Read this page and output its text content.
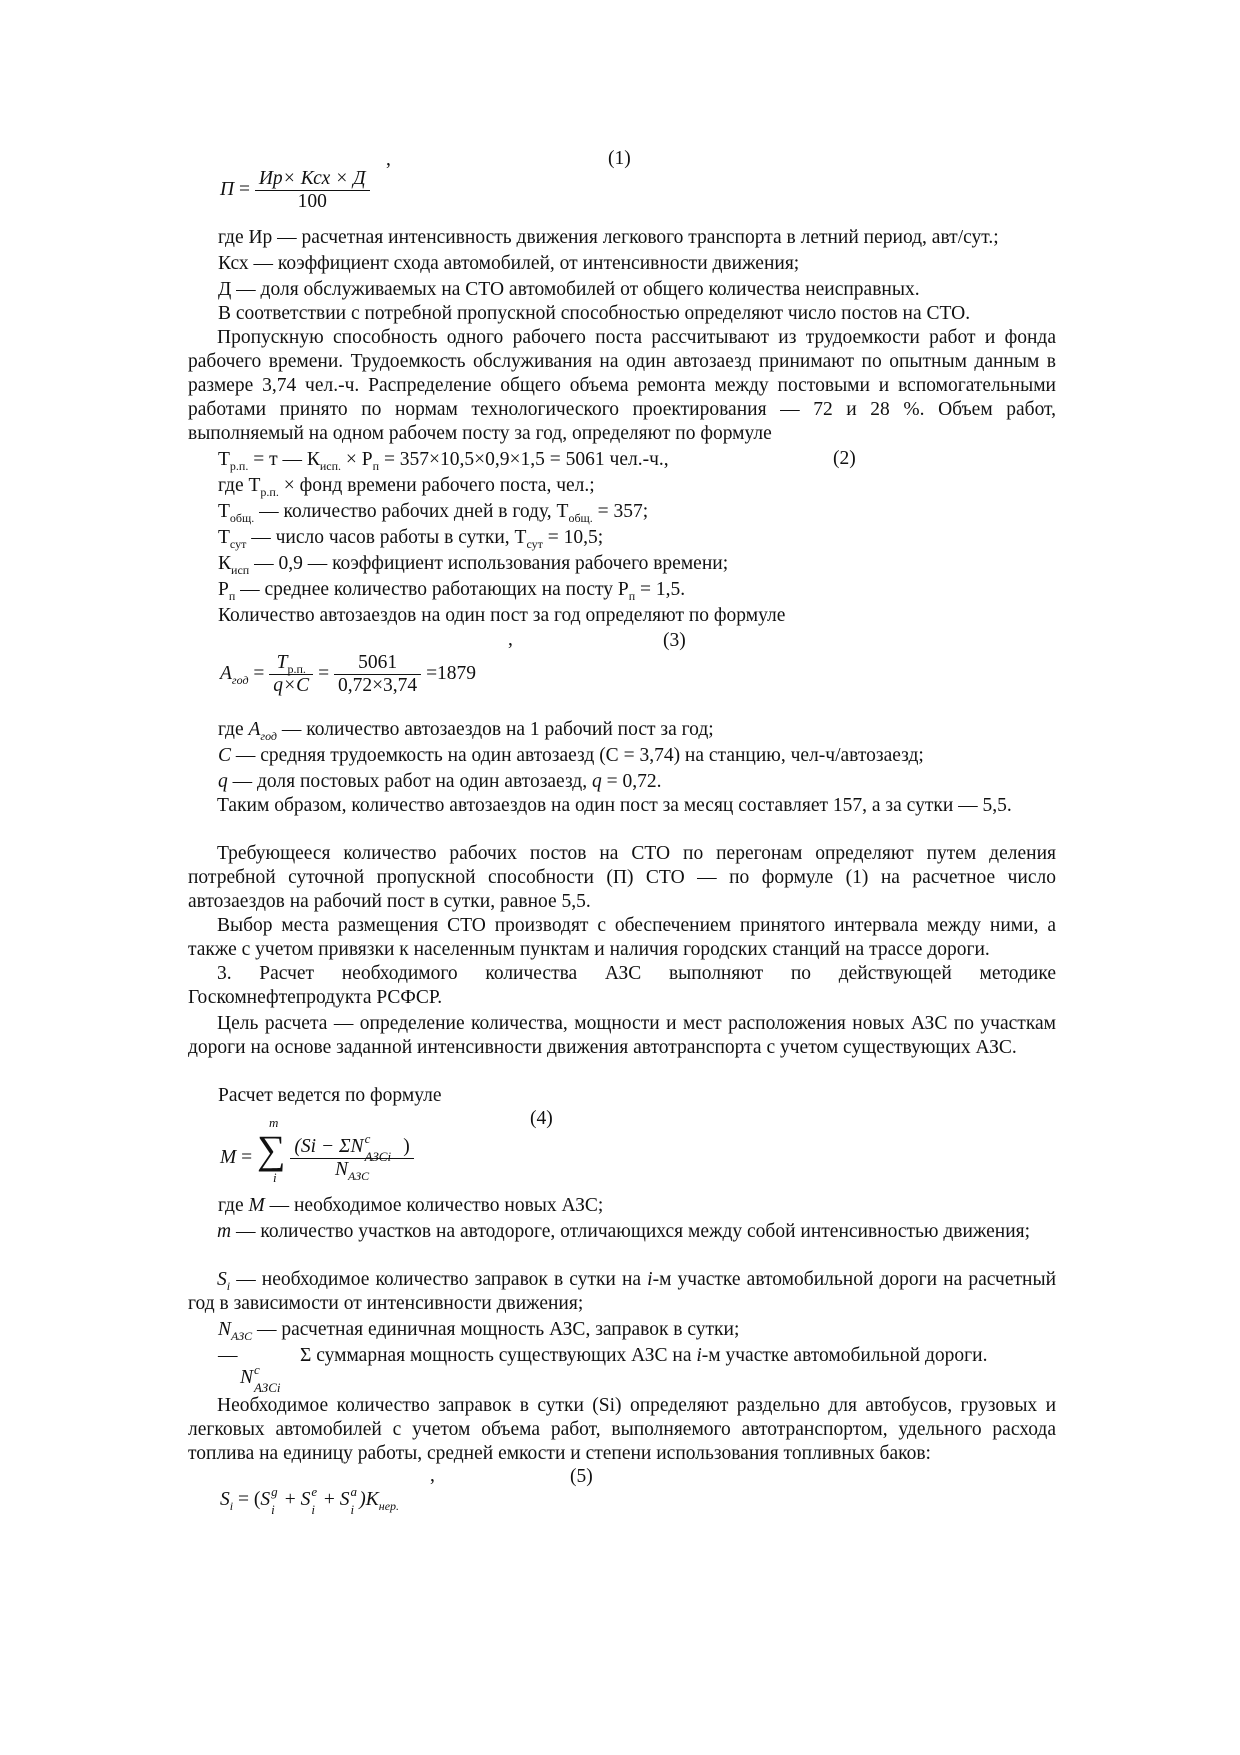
,	(1)
$П = \frac{\text{Ир× Ксх × Д}}{100}$
где Ир — расчетная интенсивность движения легкового транспорта в летний период, авт/сут.;
Ксх — коэффициент схода автомобилей, от интенсивности движения;
Д — доля обслуживаемых на СТО автомобилей от общего количества неисправных.
В соответствии с потребной пропускной способностью определяют число постов на СТО.
Пропускную способность одного рабочего поста рассчитывают из трудоемкости работ и фонда рабочего времени. Трудоемкость обслуживания на один автозаезд принимают по опытным данным в размере 3,74 чел.-ч. Распределение общего объема ремонта между постовыми и вспомогательными работами принято по нормам технологического проектирования — 72 и 28 %. Объем работ, выполняемый на одном рабочем посту за год, определяют по формуле
$Т_{р.п.} = т$ — $К_{исп.} \times Р_п = 357\times 10,5\times 0,9\times 1,5 = 5061$ чел.-ч.,	(2)
где $Т_{р.п.}$ × фонд времени рабочего поста, чел.;
$Т_{общ.}$ — количество рабочих дней в году, $Т_{общ.} = 357$;
$Т_{сут}$ — число часов работы в сутки, $Т_{сут} = 10,5$;
$К_{исп}$ — 0,9 — коэффициент использования рабочего времени;
$Р_п$ — среднее количество работающих на посту $Р_п = 1,5$.
Количество автозаездов на один пост за год определяют по формуле
,	(3)
$A_{год} = \frac{T_{р.п.}}{q\times C} = \frac{5061}{0,72\times 3,74} =1879$
где $A_{год}$ — количество автозаездов на 1 рабочий пост за год;
C — средняя трудоемкость на один автозаезд (С = 3,74) на станцию, чел-ч/автозаезд;
q — доля постовых работ на один автозаезд, q = 0,72.
Таким образом, количество автозаездов на один пост за месяц составляет 157, а за сутки — 5,5.
Требующееся количество рабочих постов на СТО по перегонам определяют путем деления потребной суточной пропускной способности (П) СТО — по формуле (1) на расчетное число автозаездов на рабочий пост в сутки, равное 5,5.
Выбор места размещения СТО производят с обеспечением принятого интервала между ними, а также с учетом привязки к населенным пунктам и наличия городских станций на трассе дороги.
3. Расчет необходимого количества АЗС выполняют по действующей методике Госкомнефтепродукта РСФСР.
Цель расчета — определение количества, мощности и мест расположения новых АЗС по участкам дороги на основе заданной интенсивности движения автотранспорта с учетом существующих АЗС.
Расчет ведется по формуле
(4)
M = ∑
m
i
(Si − ΣN c
АЗСi )
$N_{АЗС}$
где M — необходимое количество новых АЗС;
m — количество участков на автодороге, отличающихся между собой интенсивностью движения;
$S_i$ — необходимое количество заправок в сутки на i-м участке автомобильной дороги на расчетный год в зависимости от интенсивности движения;
$N_{АЗС}$ — расчетная единичная мощность АЗС, заправок в сутки;
—	Σ суммарная мощность существующих АЗС на i-м участке автомобильной дороги.
N c
АЗСi
Необходимое количество заправок в сутки (Si) определяют раздельно для автобусов, грузовых и легковых автомобилей с учетом объема работ, выполняемого автотранспортом, удельного расхода топлива на единицу работы, средней емкости и степени использования топливных баков:
,	(5)
$S_i = (S$ g
i + S e
i + S a
i )$K_{нер.}$
